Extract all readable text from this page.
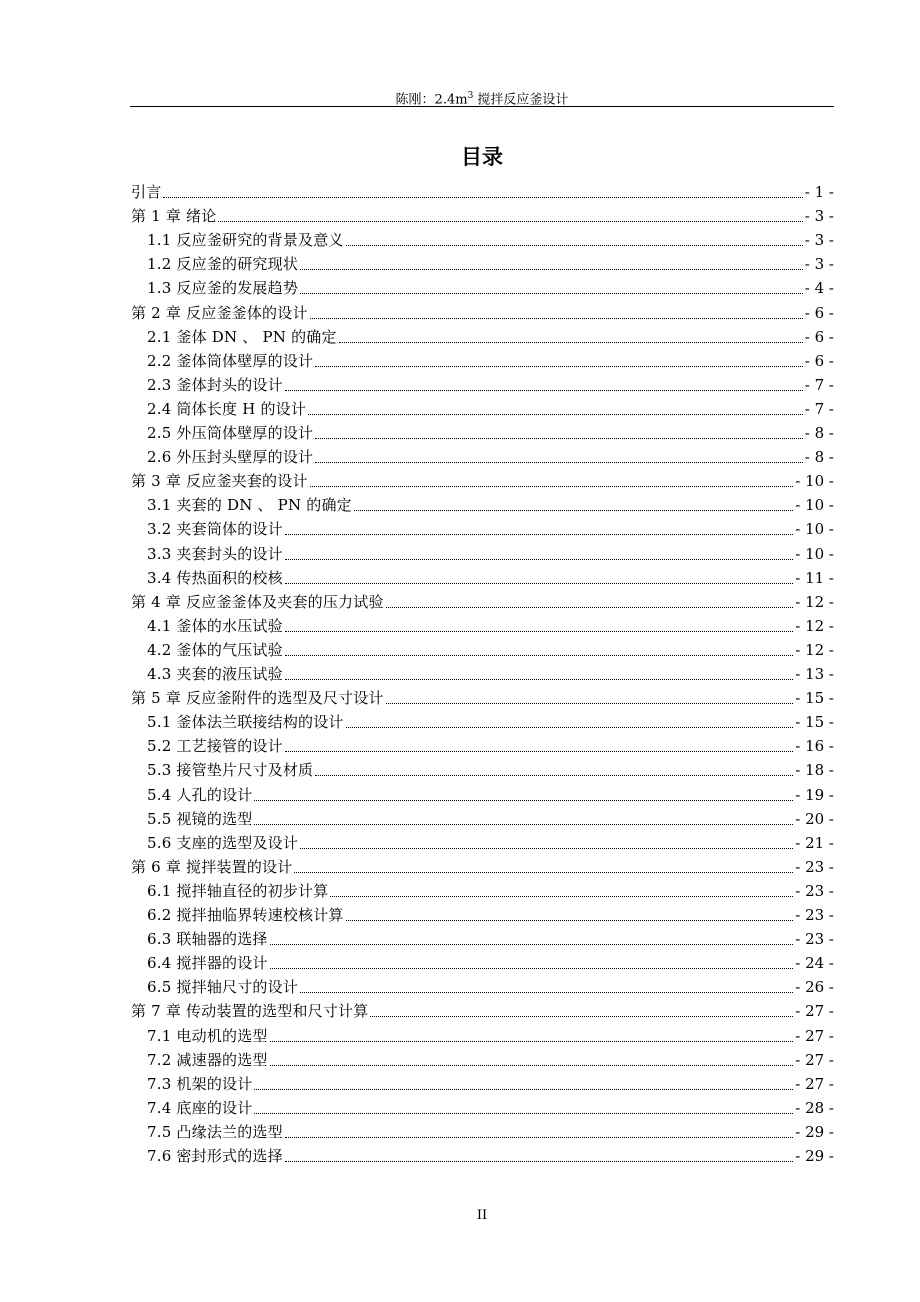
陈刚：$2.4m^3$ 搅拌反应釜设计
目录
引言	- 1 -
第 1 章 绪论	- 3 -
1.1 反应釜研究的背景及意义	- 3 -
1.2 反应釜的研究现状	- 3 -
1.3 反应釜的发展趋势	- 4 -
第 2 章 反应釜釜体的设计	- 6 -
2.1 釜体 DN 、 PN 的确定	- 6 -
2.2 釜体筒体壁厚的设计	- 6 -
2.3 釜体封头的设计	- 7 -
2.4 筒体长度 H 的设计	- 7 -
2.5 外压筒体壁厚的设计	- 8 -
2.6 外压封头壁厚的设计	- 8 -
第 3 章 反应釜夹套的设计	- 10 -
3.1 夹套的 DN 、 PN 的确定	- 10 -
3.2 夹套筒体的设计	- 10 -
3.3 夹套封头的设计	- 10 -
3.4 传热面积的校核	- 11 -
第 4 章 反应釜釜体及夹套的压力试验	- 12 -
4.1 釜体的水压试验	- 12 -
4.2 釜体的气压试验	- 12 -
4.3 夹套的液压试验	- 13 -
第 5 章 反应釜附件的选型及尺寸设计	- 15 -
5.1 釜体法兰联接结构的设计	- 15 -
5.2 工艺接管的设计	- 16 -
5.3 接管垫片尺寸及材质	- 18 -
5.4 人孔的设计	- 19 -
5.5 视镜的选型	- 20 -
5.6 支座的选型及设计	- 21 -
第 6 章 搅拌装置的设计	- 23 -
6.1 搅拌轴直径的初步计算	- 23 -
6.2 搅拌抽临界转速校核计算	- 23 -
6.3 联轴器的选择	- 23 -
6.4 搅拌器的设计	- 24 -
6.5 搅拌轴尺寸的设计	- 26 -
第 7 章 传动装置的选型和尺寸计算	- 27 -
7.1 电动机的选型	- 27 -
7.2 减速器的选型	- 27 -
7.3 机架的设计	- 27 -
7.4 底座的设计	- 28 -
7.5 凸缘法兰的选型	- 29 -
7.6 密封形式的选择	- 29 -
II
